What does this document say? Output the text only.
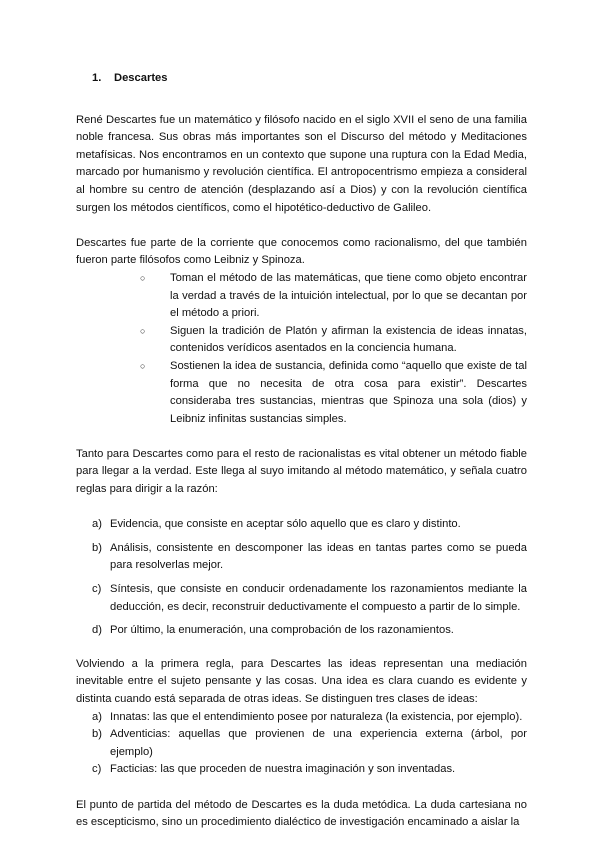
1. Descartes

René Descartes fue un matemático y filósofo nacido en el siglo XVII el seno de una familia noble francesa. Sus obras más importantes son el Discurso del método y Meditaciones metafísicas. Nos encontramos en un contexto que supone una ruptura con la Edad Media, marcado por humanismo y revolución científica. El antropocentrismo empieza a consideral al hombre su centro de atención (desplazando así a Dios) y con la revolución científica surgen los métodos científicos, como el hipotético-deductivo de Galileo.

Descartes fue parte de la corriente que conocemos como racionalismo, del que también fueron parte filósofos como Leibniz y Spinoza.

○ Toman el método de las matemáticas, que tiene como objeto encontrar la verdad a través de la intuición intelectual, por lo que se decantan por el método a priori.
○ Siguen la tradición de Platón y afirman la existencia de ideas innatas, contenidos verídicos asentados en la conciencia humana.
○ Sostienen la idea de sustancia, definida como “aquello que existe de tal forma que no necesita de otra cosa para existir”. Descartes consideraba tres sustancias, mientras que Spinoza una sola (dios) y Leibniz infinitas sustancias simples.

Tanto para Descartes como para el resto de racionalistas es vital obtener un método fiable para llegar a la verdad. Este llega al suyo imitando al método matemático, y señala cuatro reglas para dirigir a la razón:

a) Evidencia, que consiste en aceptar sólo aquello que es claro y distinto.
b) Análisis, consistente en descomponer las ideas en tantas partes como se pueda para resolverlas mejor.
c) Síntesis, que consiste en conducir ordenadamente los razonamientos mediante la deducción, es decir, reconstruir deductivamente el compuesto a partir de lo simple.
d) Por último, la enumeración, una comprobación de los razonamientos.

Volviendo a la primera regla, para Descartes las ideas representan una mediación inevitable entre el sujeto pensante y las cosas. Una idea es clara cuando es evidente y distinta cuando está separada de otras ideas. Se distinguen tres clases de ideas:

a) Innatas: las que el entendimiento posee por naturaleza (la existencia, por ejemplo).
b) Adventicias: aquellas que provienen de una experiencia externa (árbol, por ejemplo)
c) Facticias: las que proceden de nuestra imaginación y son inventadas.

El punto de partida del método de Descartes es la duda metódica. La duda cartesiana no es escepticismo, sino un procedimiento dialéctico de investigación encaminado a aislar la
